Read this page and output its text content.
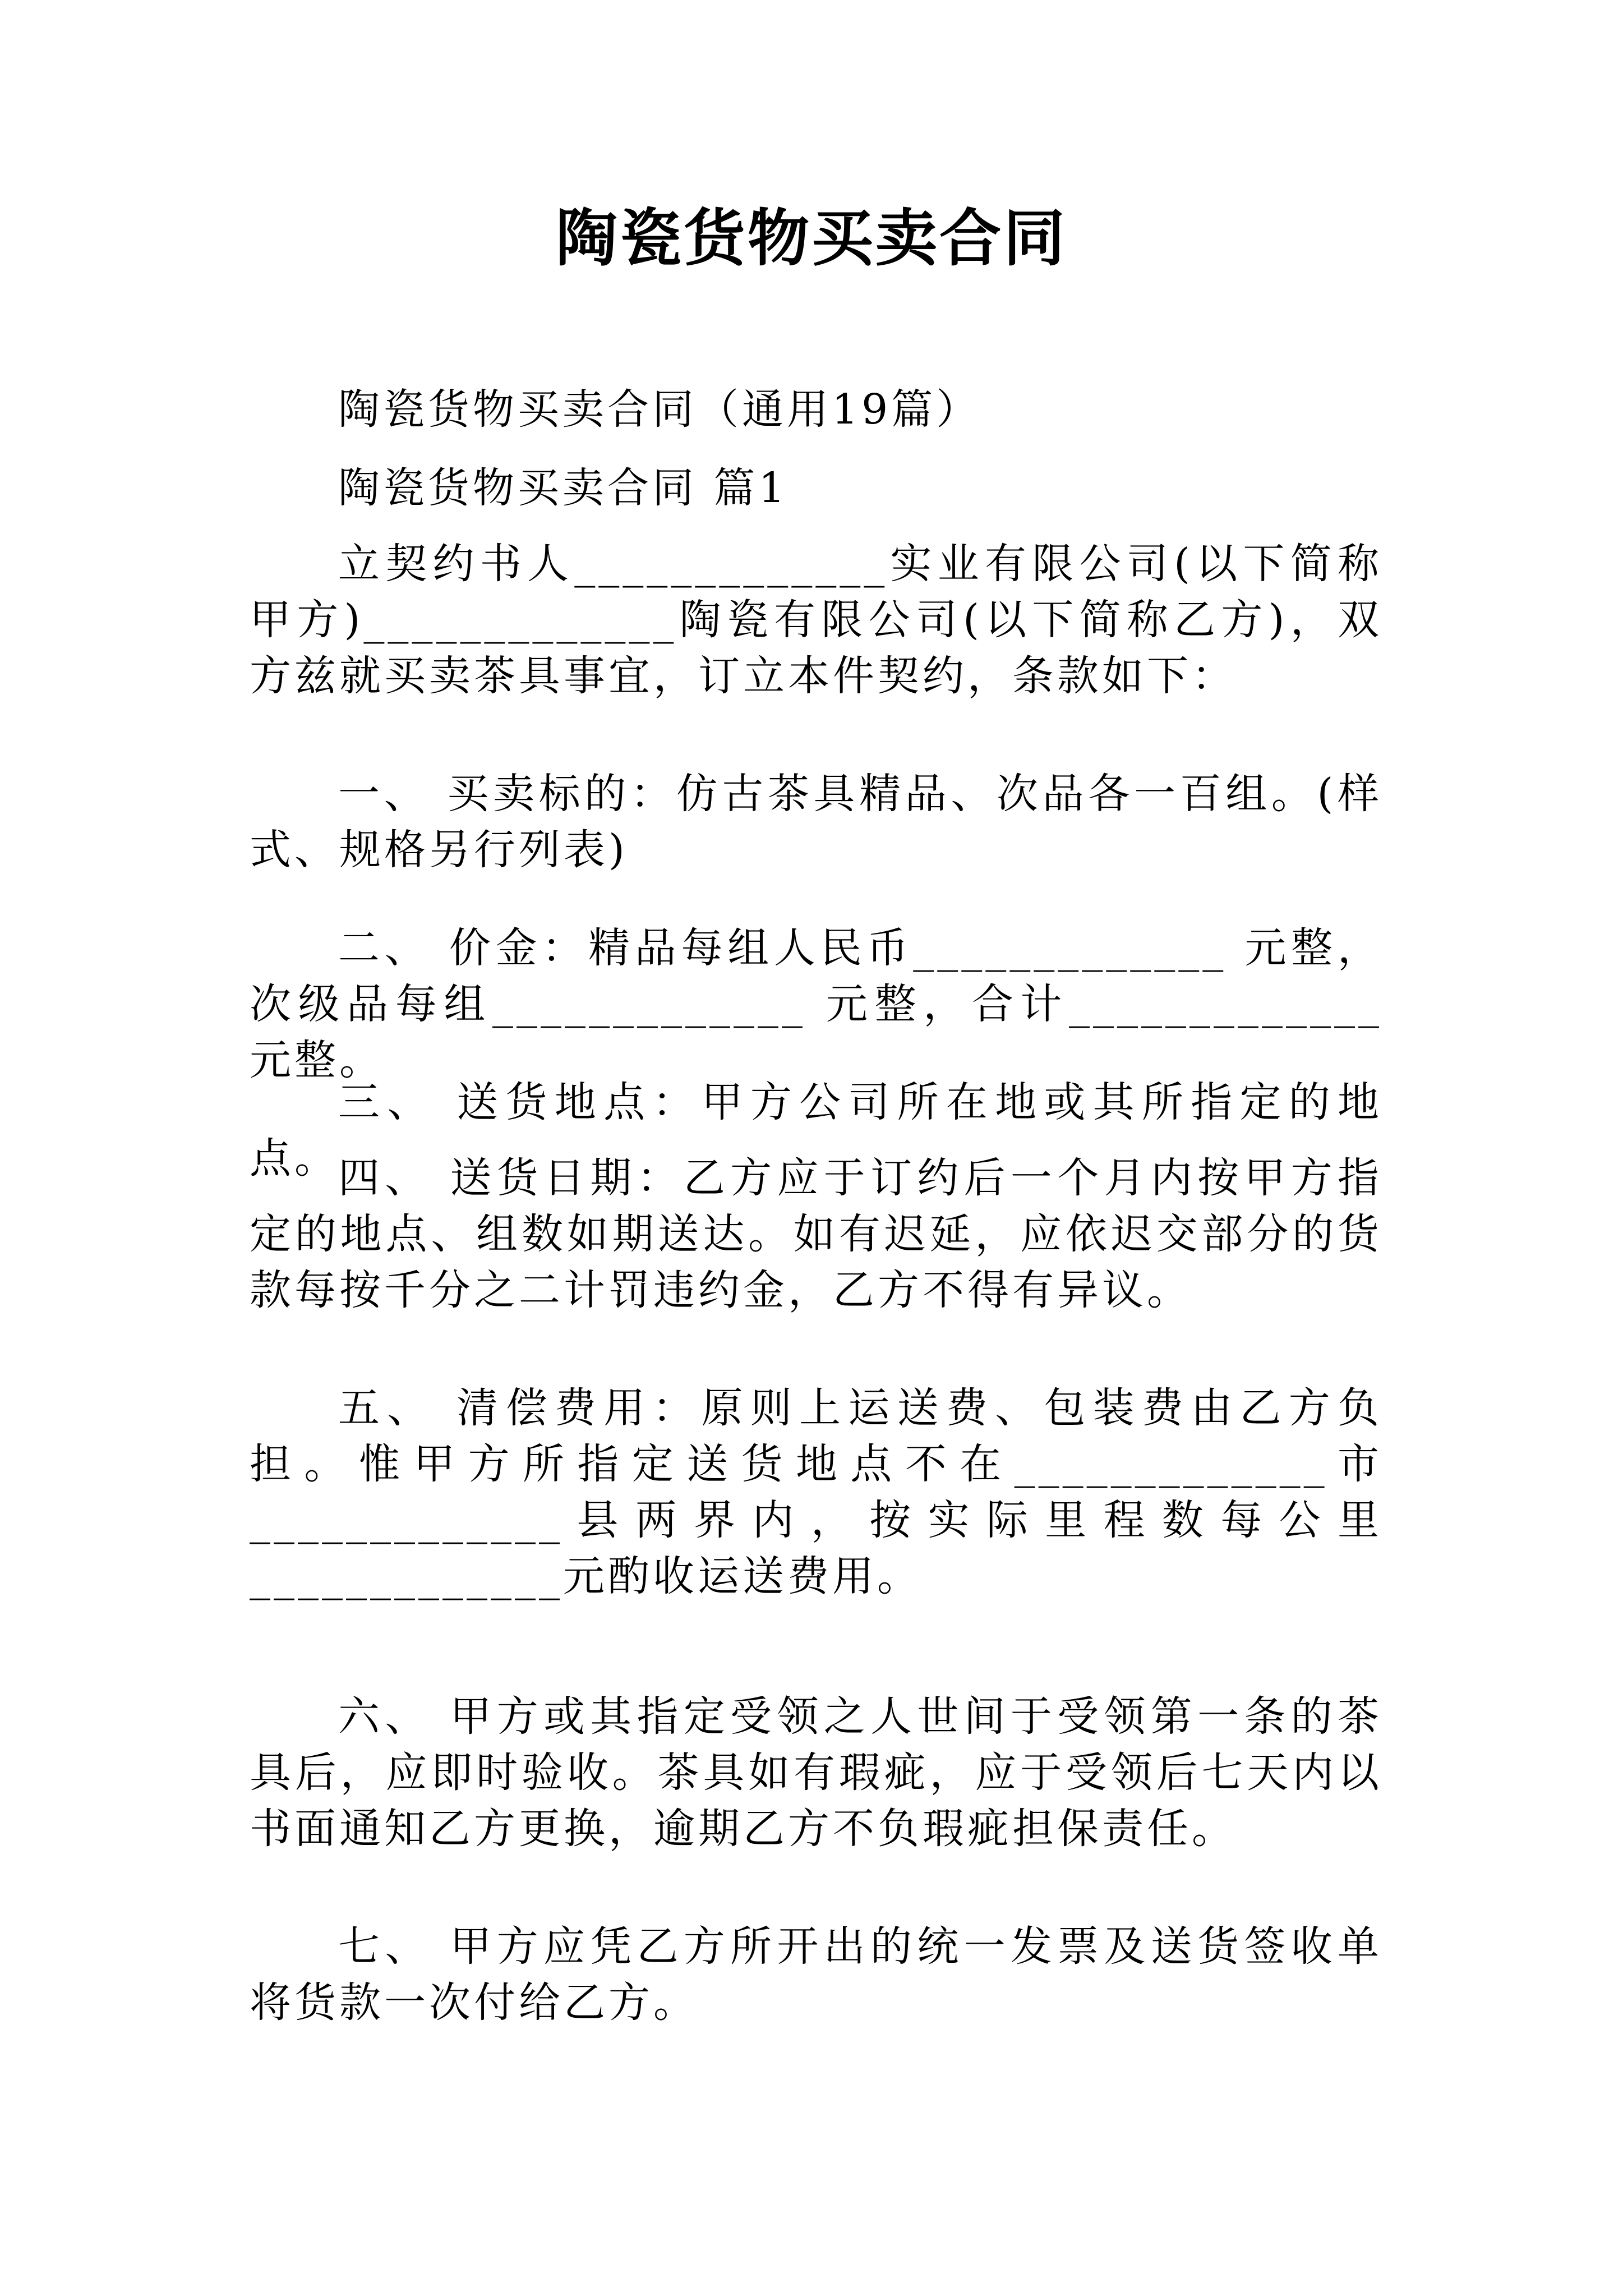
陶瓷货物买卖合同
陶瓷货物买卖合同（通用19篇）
陶瓷货物买卖合同 篇1

立契约书人_____________实业有限公司(以下简称甲方)_____________陶瓷有限公司(以下简称乙方)，双方兹就买卖茶具事宜，订立本件契约，条款如下：

一、 买卖标的：仿古茶具精品、次品各一百组。(样式、规格另行列表)

二、 价金：精品每组人民币_____________ 元整，次级品每组_____________ 元整，合计_____________ 元整。

三、 送货地点：甲方公司所在地或其所指定的地点。

四、 送货日期：乙方应于订约后一个月内按甲方指定的地点、组数如期送达。如有迟延，应依迟交部分的货款每按千分之二计罚违约金，乙方不得有异议。

五、 清偿费用：原则上运送费、包装费由乙方负担。惟甲方所指定送货地点不在_____________市_____________县两界内，按实际里程数每公里_____________元酌收运送费用。

六、 甲方或其指定受领之人世间于受领第一条的茶具后，应即时验收。茶具如有瑕疵，应于受领后七天内以书面通知乙方更换，逾期乙方不负瑕疵担保责任。

七、 甲方应凭乙方所开出的统一发票及送货签收单将货款一次付给乙方。
